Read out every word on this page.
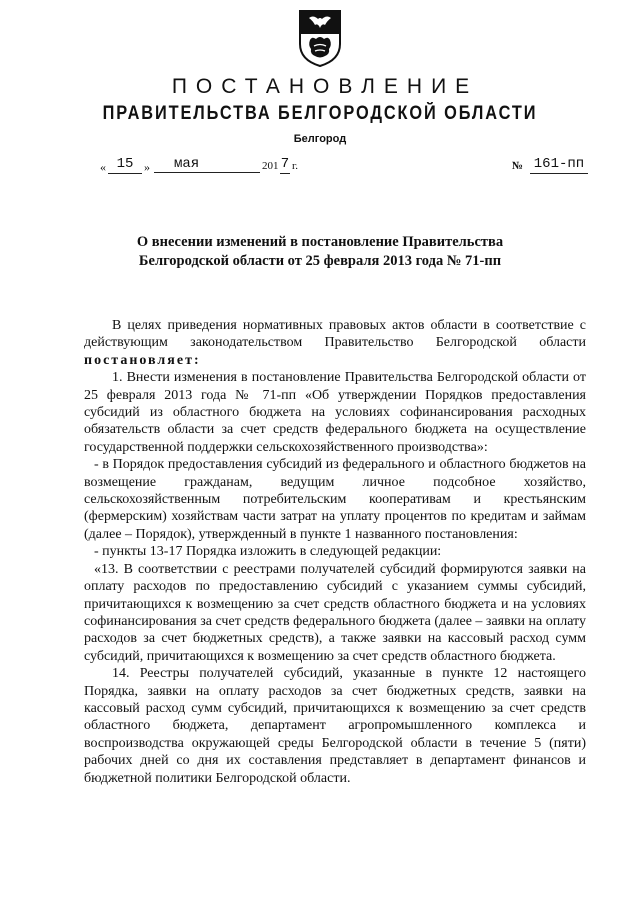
ПОСТАНОВЛЕНИЕ
ПРАВИТЕЛЬСТВА БЕЛГОРОДСКОЙ ОБЛАСТИ
Белгород
« 15 »	мая	201 7 г.	№ 161-пп
О внесении изменений в постановление Правительства
Белгородской области от 25 февраля 2013 года № 71-пп

В целях приведения нормативных правовых актов области в соответствие с действующим законодательством Правительство Белгородской области постановляет:

1. Внести изменения в постановление Правительства Белгородской области от 25 февраля 2013 года № 71-пп «Об утверждении Порядков предоставления субсидий из областного бюджета на условиях софинансирования расходных обязательств области за счет средств федерального бюджета на осуществление государственной поддержки сельскохозяйственного производства»:

- в Порядок предоставления субсидий из федерального и областного бюджетов на возмещение гражданам, ведущим личное подсобное хозяйство, сельскохозяйственным потребительским кооперативам и крестьянским (фермерским) хозяйствам части затрат на уплату процентов по кредитам и займам (далее – Порядок), утвержденный в пункте 1 названного постановления:

- пункты 13-17 Порядка изложить в следующей редакции:

«13. В соответствии с реестрами получателей субсидий формируются заявки на оплату расходов по предоставлению субсидий с указанием суммы субсидий, причитающихся к возмещению за счет средств областного бюджета и на условиях софинансирования за счет средств федерального бюджета (далее – заявки на оплату расходов за счет бюджетных средств), а также заявки на кассовый расход сумм субсидий, причитающихся к возмещению за счет средств областного бюджета.

14. Реестры получателей субсидий, указанные в пункте 12 настоящего Порядка, заявки на оплату расходов за счет бюджетных средств, заявки на кассовый расход сумм субсидий, причитающихся к возмещению за счет средств областного бюджета, департамент агропромышленного комплекса и воспроизводства окружающей среды Белгородской области в течение 5 (пяти) рабочих дней со дня их составления представляет в департамент финансов и бюджетной политики Белгородской области.
